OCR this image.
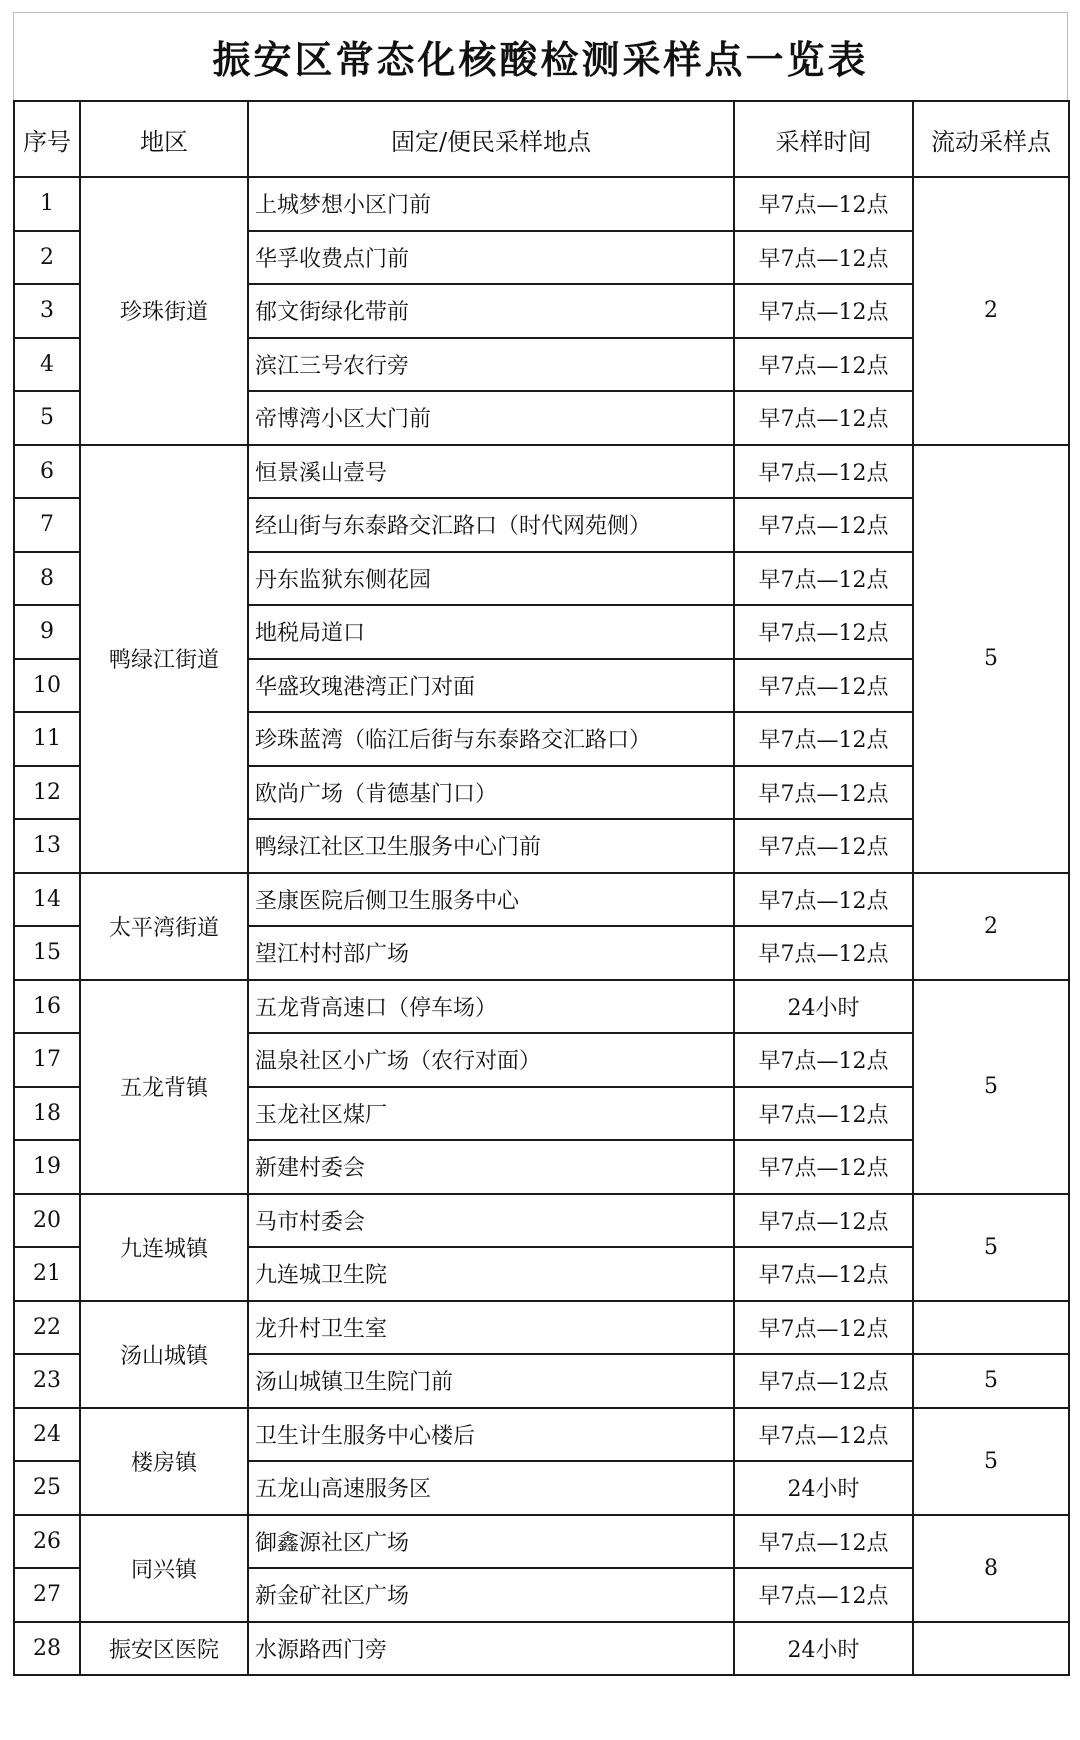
振安区常态化核酸检测采样点一览表
序号	地区	固定/便民采样地点	采样时间	流动采样点
1	珍珠街道	上城梦想小区门前	早7点—12点	2
2		华孚收费点门前	早7点—12点	
3		郁文街绿化带前	早7点—12点	
4		滨江三号农行旁	早7点—12点	
5		帝博湾小区大门前	早7点—12点	
6	鸭绿江街道	恒景溪山壹号	早7点—12点	5
7		经山街与东泰路交汇路口（时代网苑侧）	早7点—12点	
8		丹东监狱东侧花园	早7点—12点	
9		地税局道口	早7点—12点	
10		华盛玫瑰港湾正门对面	早7点—12点	
11		珍珠蓝湾（临江后街与东泰路交汇路口）	早7点—12点	
12		欧尚广场（肯德基门口）	早7点—12点	
13		鸭绿江社区卫生服务中心门前	早7点—12点	
14	太平湾街道	圣康医院后侧卫生服务中心	早7点—12点	2
15		望江村村部广场	早7点—12点	
16	五龙背镇	五龙背高速口（停车场）	24小时	5
17		温泉社区小广场（农行对面）	早7点—12点	
18		玉龙社区煤厂	早7点—12点	
19		新建村委会	早7点—12点	
20	九连城镇	马市村委会	早7点—12点	5
21		九连城卫生院	早7点—12点	
22	汤山城镇	龙升村卫生室	早7点—12点	
23		汤山城镇卫生院门前	早7点—12点	5
24	楼房镇	卫生计生服务中心楼后	早7点—12点	5
25		五龙山高速服务区	24小时	
26	同兴镇	御鑫源社区广场	早7点—12点	8
27		新金矿社区广场	早7点—12点	
28	振安区医院	水源路西门旁	24小时	
